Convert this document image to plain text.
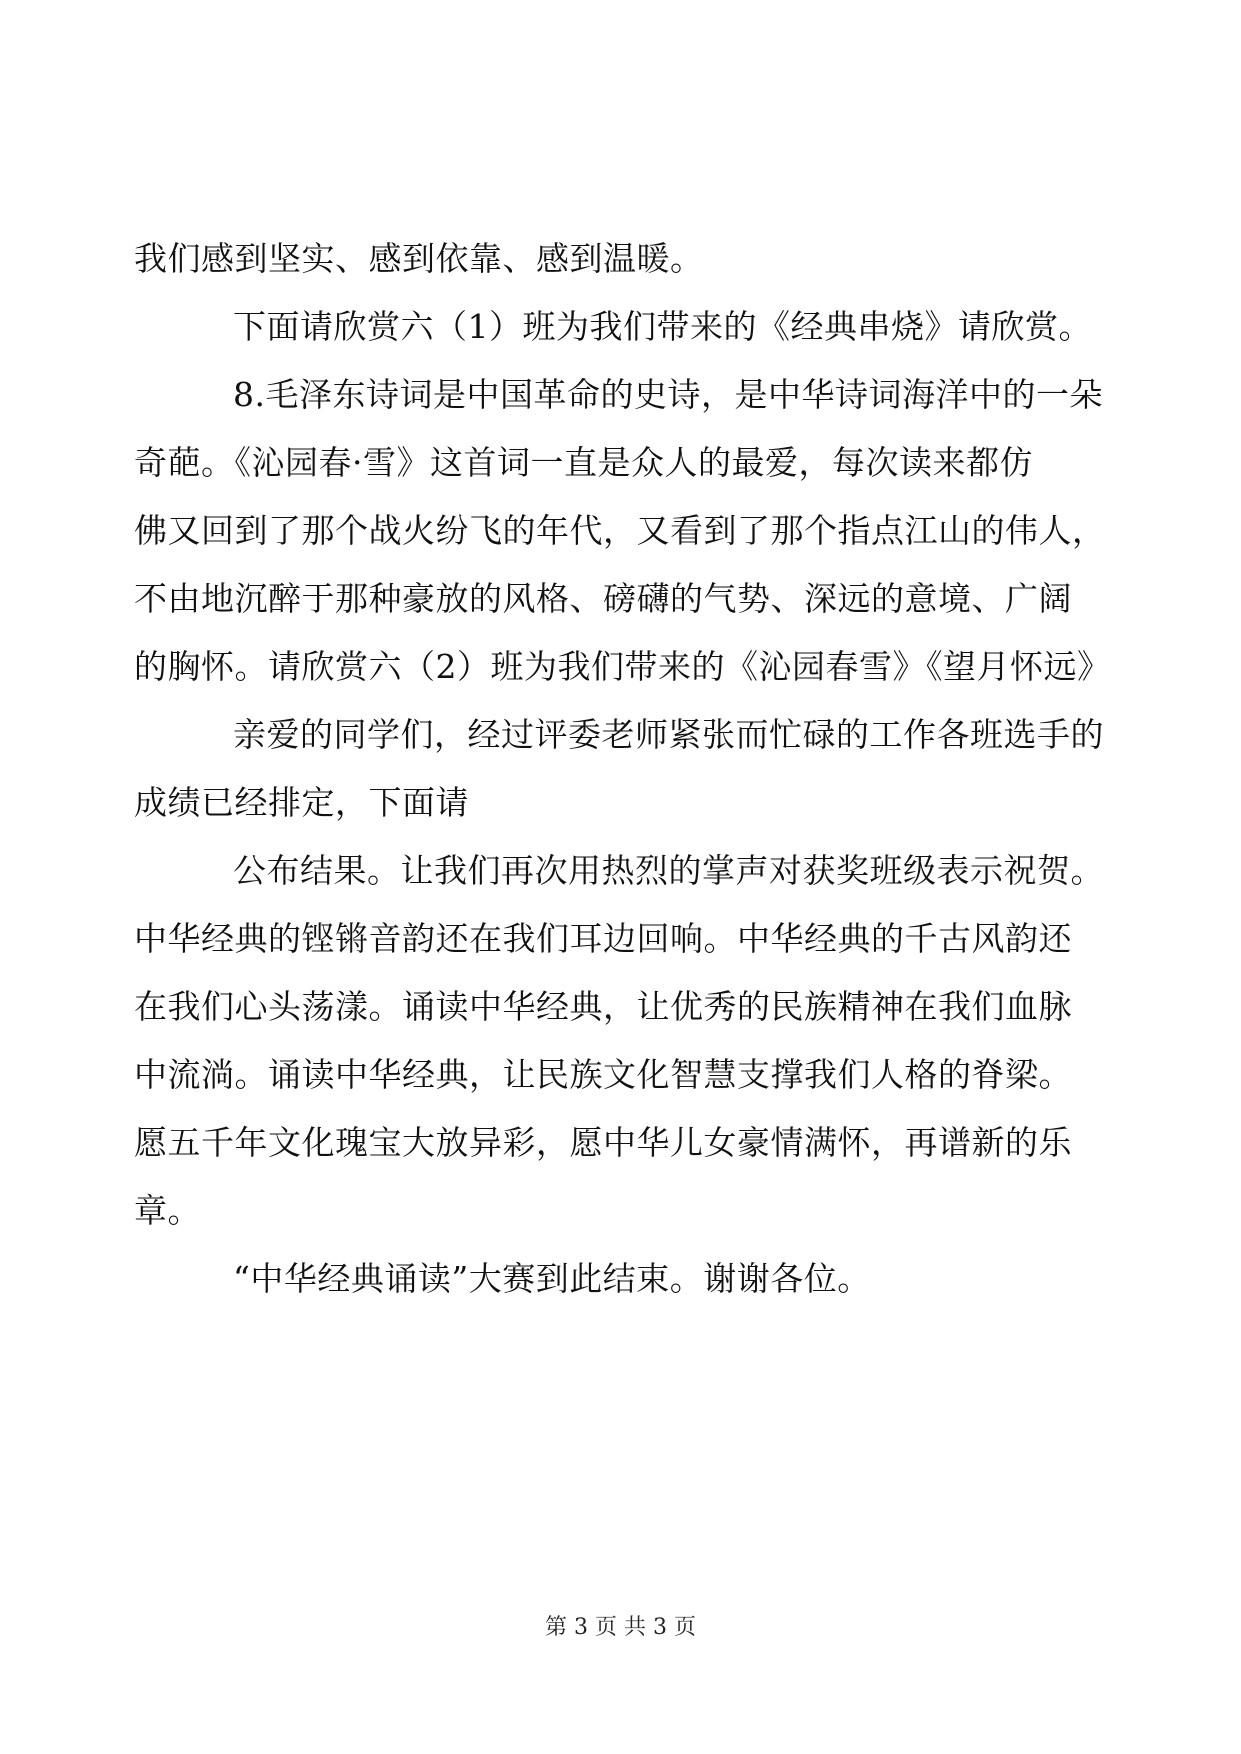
我们感到坚实、感到依靠、感到温暖。
下面请欣赏六（1）班为我们带来的《经典串烧》请欣赏。
8.毛泽东诗词是中国革命的史诗，是中华诗词海洋中的一朵
奇葩。《沁园春·雪》这首词一直是众人的最爱，每次读来都仿
佛又回到了那个战火纷飞的年代，又看到了那个指点江山的伟人，
不由地沉醉于那种豪放的风格、磅礴的气势、深远的意境、广阔
的胸怀。请欣赏六（2）班为我们带来的《沁园春雪》《望月怀远》
亲爱的同学们，经过评委老师紧张而忙碌的工作各班选手的
成绩已经排定，下面请
公布结果。让我们再次用热烈的掌声对获奖班级表示祝贺。
中华经典的铿锵音韵还在我们耳边回响。中华经典的千古风韵还
在我们心头荡漾。诵读中华经典，让优秀的民族精神在我们血脉
中流淌。诵读中华经典，让民族文化智慧支撑我们人格的脊梁。
愿五千年文化瑰宝大放异彩，愿中华儿女豪情满怀，再谱新的乐
章。
“中华经典诵读”大赛到此结束。谢谢各位。
第 3 页 共 3 页
